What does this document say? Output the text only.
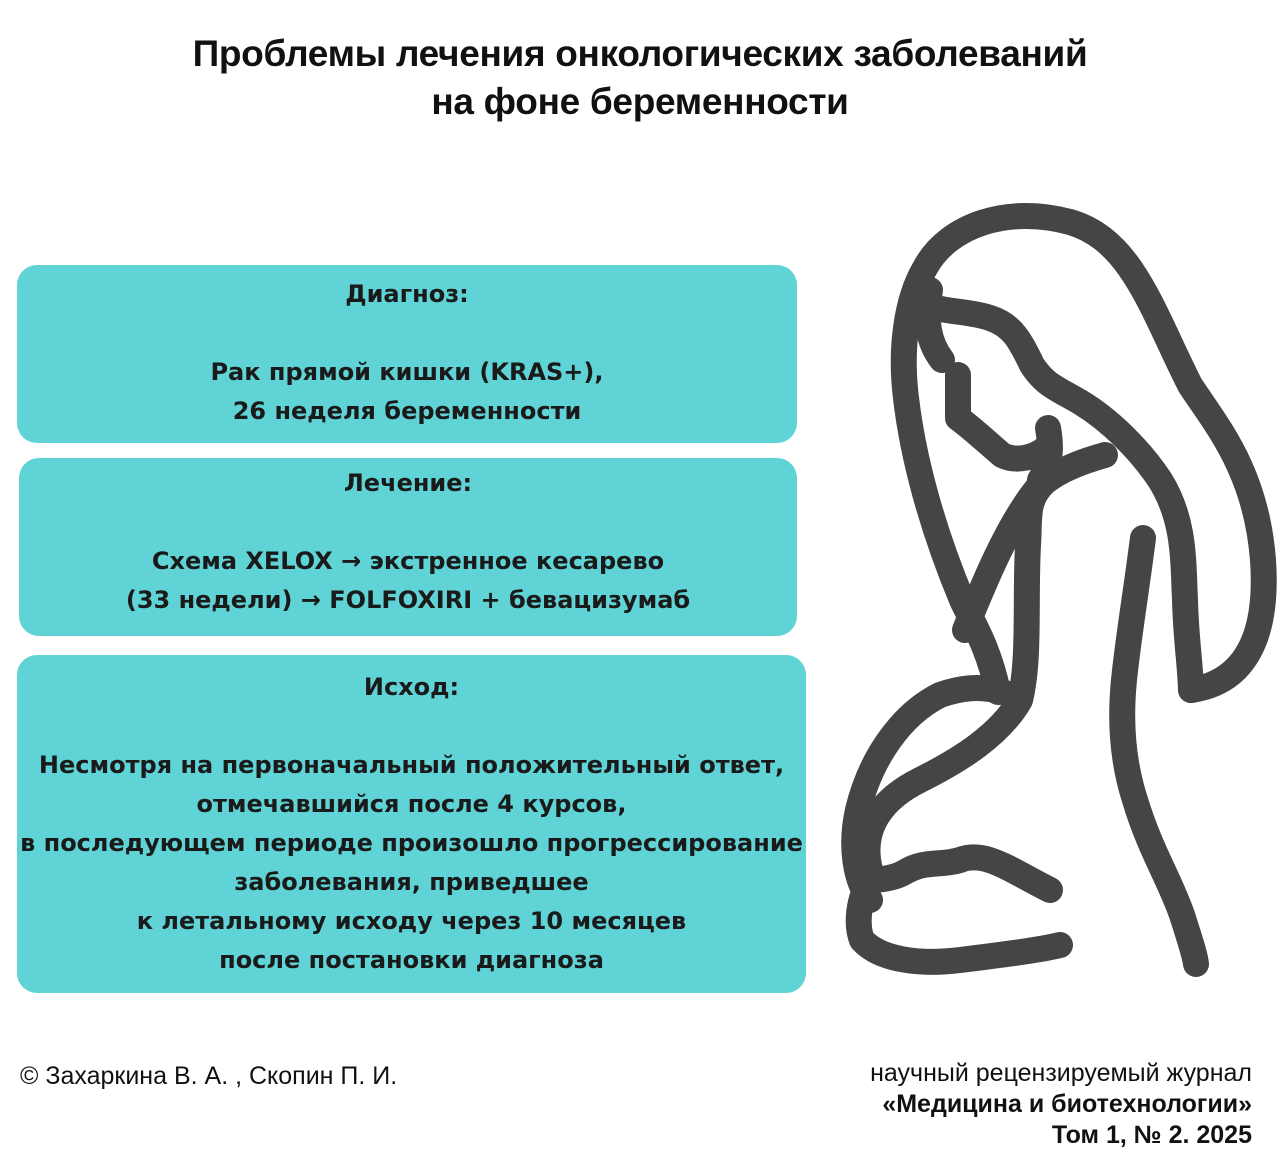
Проблемы лечения онкологических заболеваний
на фоне беременности
Диагноз:
Рак прямой кишки (KRAS+),
26 неделя беременности
Лечение:
Схема XELOX → экстренное кесарево
(33 недели) → FOLFOXIRI + бевацизумаб
Исход:
Несмотря на первоначальный положительный ответ,
отмечавшийся после 4 курсов,
в последующем периоде произошло прогрессирование
заболевания, приведшее
к летальному исходу через 10 месяцев
после постановки диагноза
© Захаркина В. А. , Скопин П. И.	научный рецензируемый журнал
«Медицина и биотехнологии»
Том 1, № 2. 2025
